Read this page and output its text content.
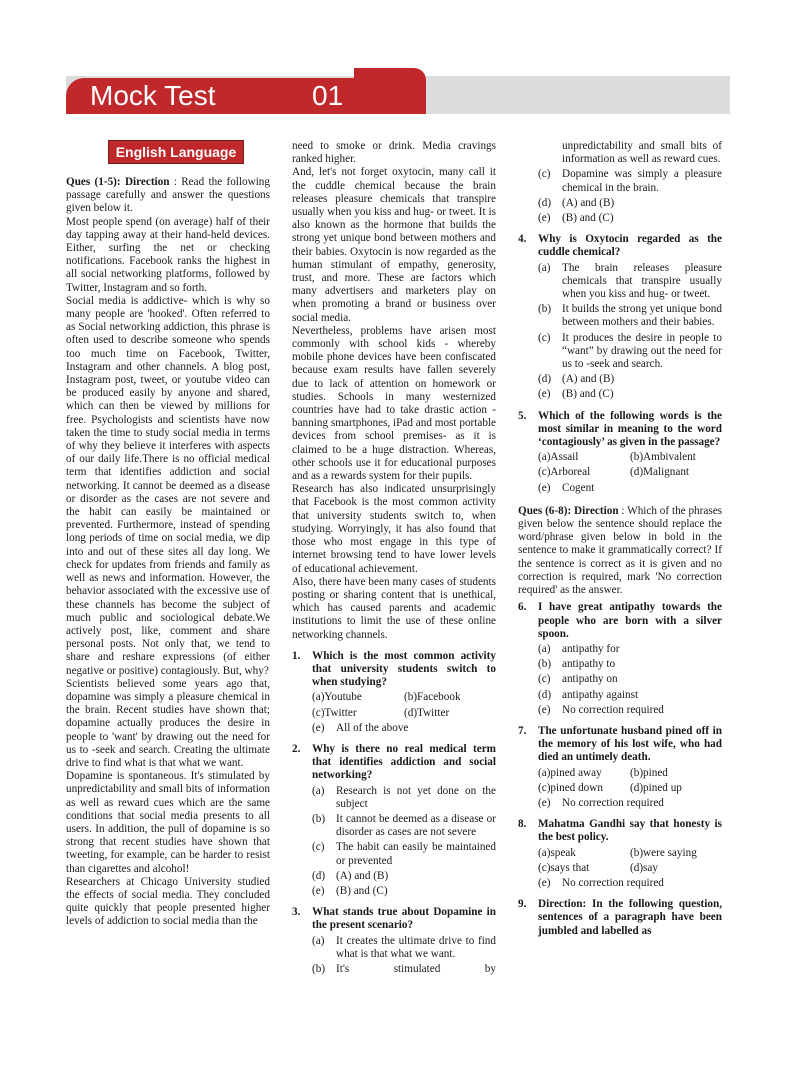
Mock Test	01
English Language

Ques (1-5): Direction : Read the following passage carefully and answer the questions given below it.

Most people spend (on average) half of their day tapping away at their hand-held devices. Either, surfing the net or checking notifications. Facebook ranks the highest in all social networking platforms, followed by Twitter, Instagram and so forth.

Social media is addictive- which is why so many people are 'hooked'. Often referred to as Social networking addiction, this phrase is often used to describe someone who spends too much time on Facebook, Twitter, Instagram and other channels. A blog post, Instagram post, tweet, or youtube video can be produced easily by anyone and shared, which can then be viewed by millions for free. Psychologists and scientists have now taken the time to study social media in terms of why they believe it interferes with aspects of our daily life.There is no official medical term that identifies addiction and social networking. It cannot be deemed as a disease or disorder as the cases are not severe and the habit can easily be maintained or prevented. Furthermore, instead of spending long periods of time on social media, we dip into and out of these sites all day long. We check for updates from friends and family as well as news and information. However, the behavior associated with the excessive use of these channels has become the subject of much public and sociological debate.We actively post, like, comment and share personal posts. Not only that, we tend to share and reshare expressions (of either negative or positive) contagiously. But, why?

Scientists believed some years ago that, dopamine was simply a pleasure chemical in the brain. Recent studies have shown that; dopamine actually produces the desire in people to 'want' by drawing out the need for us to -seek and search. Creating the ultimate drive to find what is that what we want.

Dopamine is spontaneous. It's stimulated by unpredictability and small bits of information as well as reward cues which are the same conditions that social media presents to all users. In addition, the pull of dopamine is so strong that recent studies have shown that tweeting, for example, can be harder to resist than cigarettes and alcohol!

Researchers at Chicago University studied the effects of social media. They concluded quite quickly that people presented higher levels of addiction to social media than the

need to smoke or drink. Media cravings ranked higher.

And, let's not forget oxytocin, many call it the cuddle chemical because the brain releases pleasure chemicals that transpire usually when you kiss and hug- or tweet. It is also known as the hormone that builds the strong yet unique bond between mothers and their babies. Oxytocin is now regarded as the human stimulant of empathy, generosity, trust, and more. These are factors which many advertisers and marketers play on when promoting a brand or business over social media.

Nevertheless, problems have arisen most commonly with school kids - whereby mobile phone devices have been confiscated because exam results have fallen severely due to lack of attention on homework or studies. Schools in many westernized countries have had to take drastic action - banning smartphones, iPad and most portable devices from school premises- as it is claimed to be a huge distraction. Whereas, other schools use it for educational purposes and as a rewards system for their pupils.

Research has also indicated unsurprisingly that Facebook is the most common activity that university students switch to, when studying. Worryingly, it has also found that those who most engage in this type of internet browsing tend to have lower levels of educational achievement.

Also, there have been many cases of students posting or sharing content that is unethical, which has caused parents and academic institutions to limit the use of these online networking channels.

1.	Which is the most common activity that university students switch to when studying?
(a) Youtube	(b) Facebook
(c) Twitter	(d) Twitter
(e)	All of the above
2.	Why is there no real medical term that identifies addiction and social networking?
(a)	Research is not yet done on the subject
(b) It cannot be deemed as a disease or disorder as cases are not severe
(c)	The habit can easily be maintained or prevented
(d) (A) and (B)
(e)	(B) and (C)
3.	What stands true about Dopamine in the present scenario?
(a)	It creates the ultimate drive to find what is that what we want.
(b) It's stimulated by
unpredictability and small bits of information as well as reward cues.
(c)	Dopamine was simply a pleasure chemical in the brain.
(d) (A) and (B)
(e)	(B) and (C)
4.	Why is Oxytocin regarded as the cuddle chemical?
(a)	The brain releases pleasure chemicals that transpire usually when you kiss and hug- or tweet.
(b) It builds the strong yet unique bond between mothers and their babies.
(c)	It produces the desire in people to “want” by drawing out the need for us to -seek and search.
(d) (A) and (B)
(e)	(B) and (C)
5.	Which of the following words is the most similar in meaning to the word ‘contagiously’ as given in the passage?
(a) Assail	(b) Ambivalent
(c) Arboreal	(d) Malignant
(e)	Cogent

Ques (6-8): Direction : Which of the phrases given below the sentence should replace the word/phrase given below in bold in the sentence to make it grammatically correct? If the sentence is correct as it is given and no correction is required, mark 'No correction required' as the answer.

6.	I have great antipathy towards the people who are born with a silver spoon.
(a)	antipathy for
(b) antipathy to
(c)	antipathy on
(d) antipathy against
(e)	No correction required
7.	The unfortunate husband pined off in the memory of his lost wife, who had died an untimely death.
(a) pined away	(b) pined
(c) pined down (d) pined up
(e)	No correction required
8.	Mahatma Gandhi say that honesty is the best policy.
(a) speak	(b) were saying
(c) says that	(d) say
(e)	No correction required
9.	Direction: In the following question, sentences of a paragraph have been jumbled and labelled as
